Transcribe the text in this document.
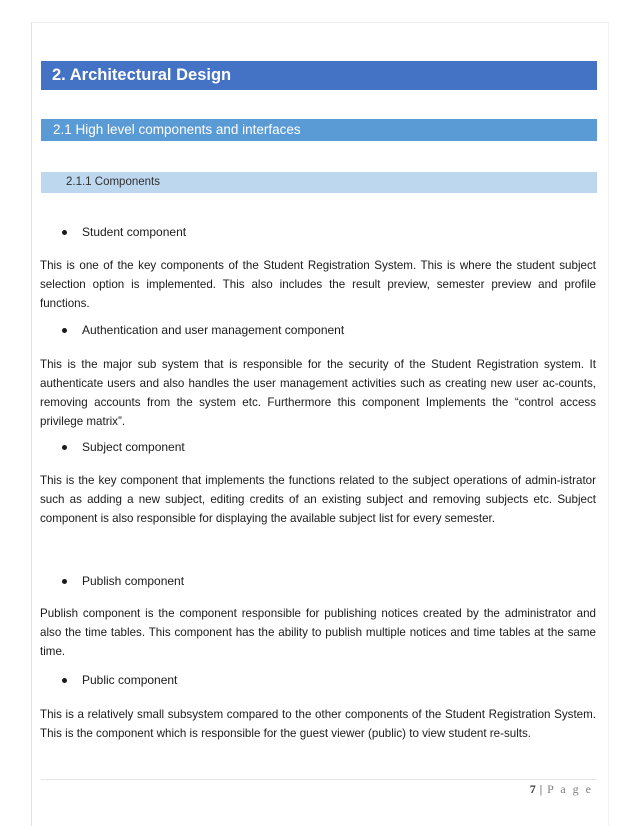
2. Architectural Design
2.1 High level components and interfaces
2.1.1 Components
Student component

This is one of the key components of the Student Registration System. This is where the student subject selection option is implemented. This also includes the result preview, semester preview and profile functions.

Authentication and user management component

This is the major sub system that is responsible for the security of the Student Registration system. It authenticate users and also handles the user management activities such as creating new user ac-counts, removing accounts from the system etc. Furthermore this component Implements the “control access privilege matrix”.

Subject component

This is the key component that implements the functions related to the subject operations of admin-istrator such as adding a new subject, editing credits of an existing subject and removing subjects etc. Subject component is also responsible for displaying the available subject list for every semester.

Publish component

Publish component is the component responsible for publishing notices created by the administrator and also the time tables. This component has the ability to publish multiple notices and time tables at the same time.

Public component

This is a relatively small subsystem compared to the other components of the Student Registration System. This is the component which is responsible for the guest viewer (public) to view student re-sults.

7 | P a g e
